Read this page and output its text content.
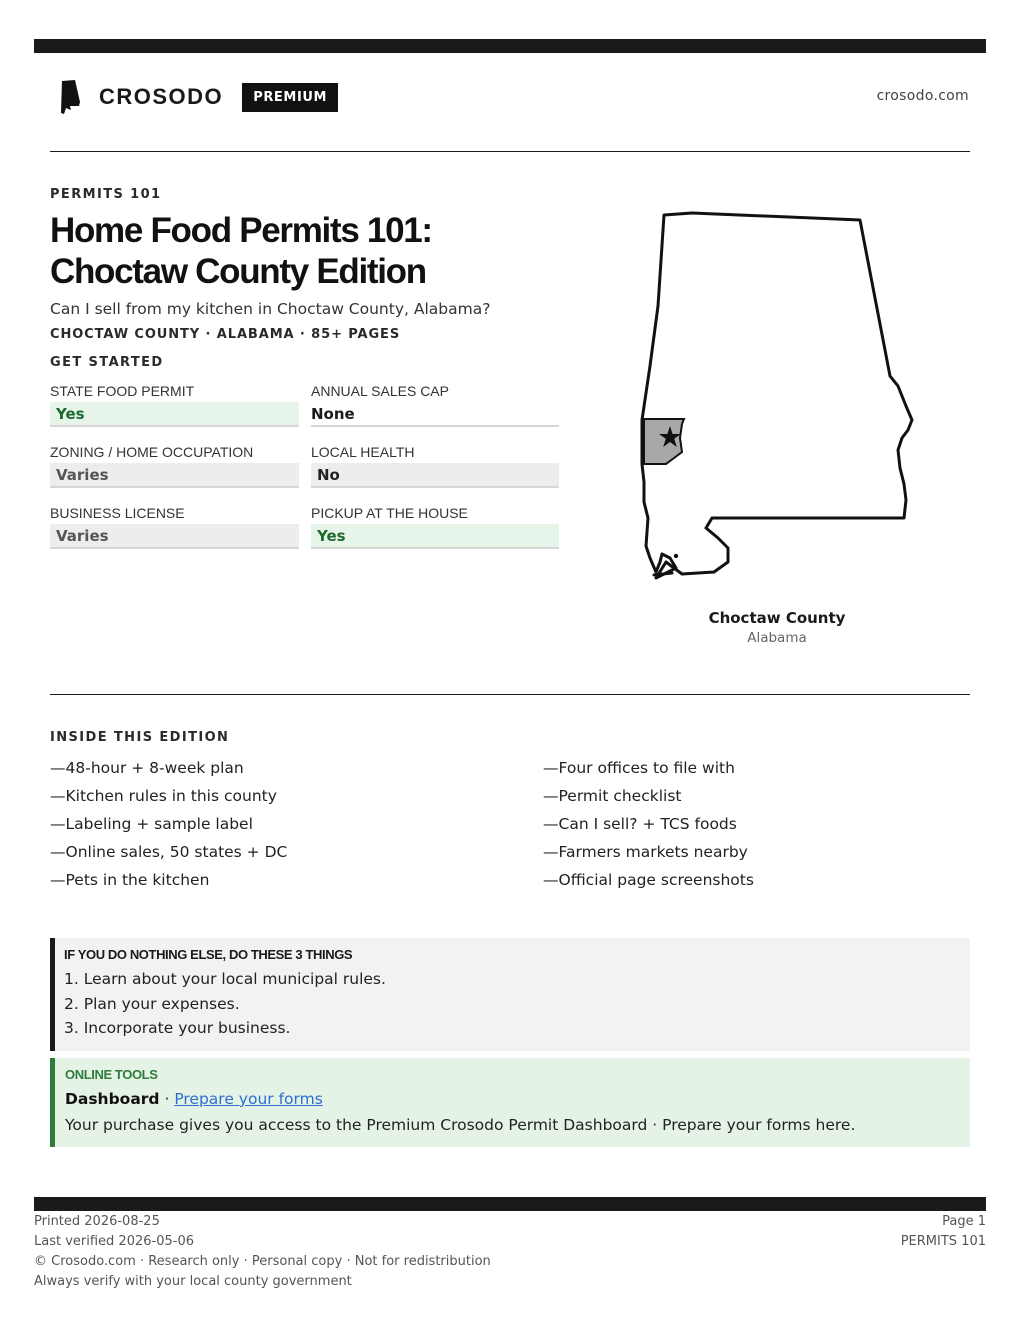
CROSODO	PREMIUM	crosodo.com
PERMITS 101
Home Food Permits 101:
Choctaw County Edition
Can I sell from my kitchen in Choctaw County, Alabama?
CHOCTAW COUNTY · ALABAMA · 85+ PAGES
GET STARTED
STATE FOOD PERMIT
Yes
ANNUAL SALES CAP
None
ZONING / HOME OCCUPATION
Varies
LOCAL HEALTH
No
BUSINESS LICENSE
Varies
PICKUP AT THE HOUSE
Yes
Choctaw County
Alabama
INSIDE THIS EDITION
—48-hour + 8-week plan
—Kitchen rules in this county
—Labeling + sample label
—Online sales, 50 states + DC
—Pets in the kitchen
—Four offices to file with
—Permit checklist
—Can I sell? + TCS foods
—Farmers markets nearby
—Official page screenshots
IF YOU DO NOTHING ELSE, DO THESE 3 THINGS
1. Learn about your local municipal rules.
2. Plan your expenses.
3. Incorporate your business.
ONLINE TOOLS
Dashboard · Prepare your forms
Your purchase gives you access to the Premium Crosodo Permit Dashboard · Prepare your forms here.
Printed 2026-08-25
Last verified 2026-05-06
© Crosodo.com · Research only · Personal copy · Not for redistribution
Always verify with your local county government
Page 1
PERMITS 101
